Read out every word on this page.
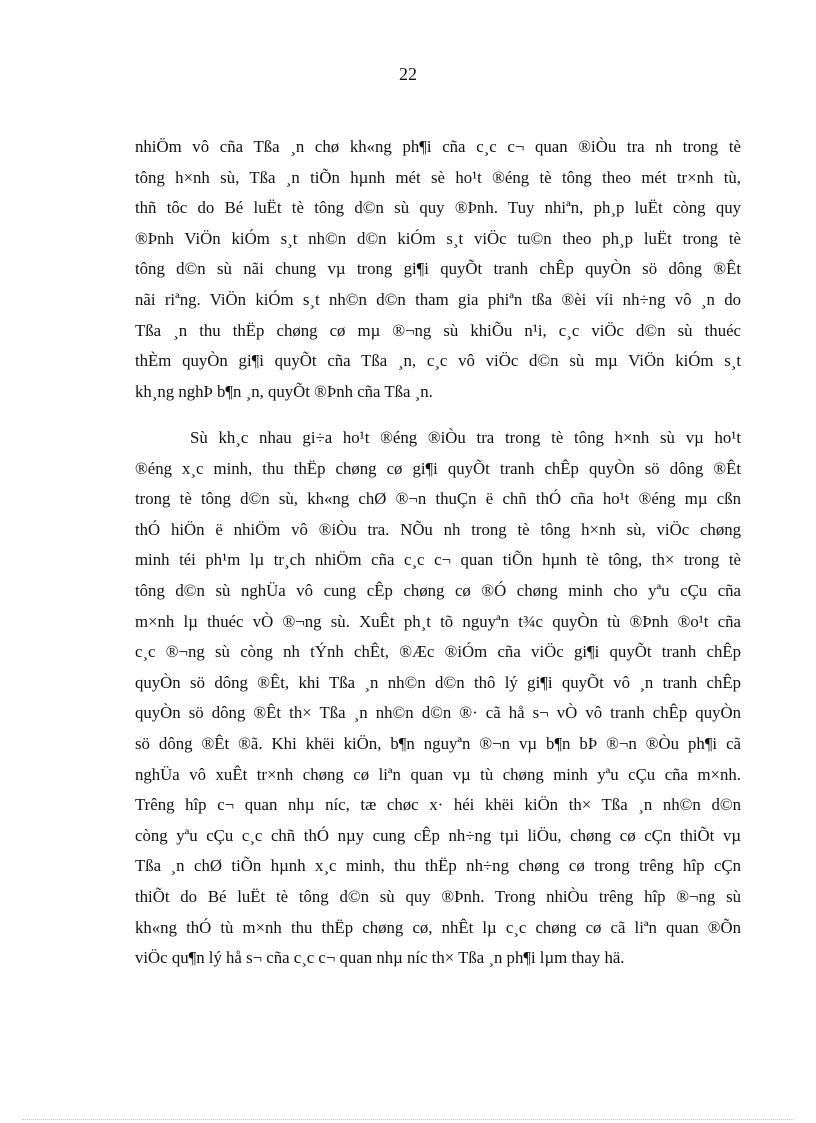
22

nhiÖm vô cña Tßa ¸n chø kh«ng ph¶i cña c¸c c¬ quan ®iÒu tra nh trong tè
tông h×nh sù, Tßa ¸n tiÕn hµnh mét sè ho¹t ®éng tè tông theo mét tr×nh tù,
thñ tôc do Bé luËt tè tông d©n sù quy ®Þnh. Tuy nhiªn, ph¸p luËt còng quy
®Þnh ViÖn kiÓm s¸t nh©n d©n kiÓm s¸t viÖc tu©n theo ph¸p luËt trong tè
tông d©n sù nãi chung vµ trong gi¶i quyÕt tranh chÊp quyÒn sö dông ®Êt
nãi riªng. ViÖn kiÓm s¸t nh©n d©n tham gia phiªn tßa ®èi víi nh÷ng vô ¸n do
Tßa ¸n thu thËp chøng cø mµ ®¬ng sù khiÕu n¹i, c¸c viÖc d©n sù thuéc
thÈm quyÒn gi¶i quyÕt cña Tßa ¸n, c¸c vô viÖc d©n sù mµ ViÖn kiÓm s¸t
kh¸ng nghÞ b¶n ¸n, quyÕt ®Þnh cña Tßa ¸n.

Sù kh¸c nhau gi÷a ho¹t ®éng ®iÒu tra trong tè tông h×nh sù vµ ho¹t
®éng x¸c minh, thu thËp chøng cø gi¶i quyÕt tranh chÊp quyÒn sö dông ®Êt
trong tè tông d©n sù, kh«ng chØ ®¬n thuÇn ë chñ thÓ cña ho¹t ®éng mµ cßn
thÓ hiÖn ë nhiÖm vô ®iÒu tra. NÕu nh trong tè tông h×nh sù, viÖc chøng
minh téi ph¹m lµ tr¸ch nhiÖm cña c¸c c¬ quan tiÕn hµnh tè tông, th× trong tè
tông d©n sù nghÜa vô cung cÊp chøng cø ®Ó chøng minh cho yªu cÇu cña
m×nh lµ thuéc vÒ ®¬ng sù. XuÊt ph¸t tõ nguyªn t¾c quyÒn tù ®Þnh ®o¹t cña
c¸c ®¬ng sù còng nh tÝnh chÊt, ®Æc ®iÓm cña viÖc gi¶i quyÕt tranh chÊp
quyÒn sö dông ®Êt, khi Tßa ¸n nh©n d©n thô lý gi¶i quyÕt vô ¸n tranh chÊp
quyÒn sö dông ®Êt th× Tßa ¸n nh©n d©n ®· cã hå s¬ vÒ vô tranh chÊp quyÒn
sö dông ®Êt ®ã. Khi khëi kiÖn, b¶n nguyªn ®¬n vµ b¶n bÞ ®¬n ®Òu ph¶i cã
nghÜa vô xuÊt tr×nh chøng cø liªn quan vµ tù chøng minh yªu cÇu cña m×nh.
Trêng hîp c¬ quan nhµ níc, tæ chøc x· héi khëi kiÖn th× Tßa ¸n nh©n d©n
còng yªu cÇu c¸c chñ thÓ nµy cung cÊp nh÷ng tµi liÖu, chøng cø cÇn thiÕt vµ
Tßa ¸n chØ tiÕn hµnh x¸c minh, thu thËp nh÷ng chøng cø trong trêng hîp cÇn
thiÕt do Bé luËt tè tông d©n sù quy ®Þnh. Trong nhiÒu trêng hîp ®¬ng sù
kh«ng thÓ tù m×nh thu thËp chøng cø, nhÊt lµ c¸c chøng cø cã liªn quan ®Õn
viÖc qu¶n lý hå s¬ cña c¸c c¬ quan nhµ níc th× Tßa ¸n ph¶i lµm thay hä.
